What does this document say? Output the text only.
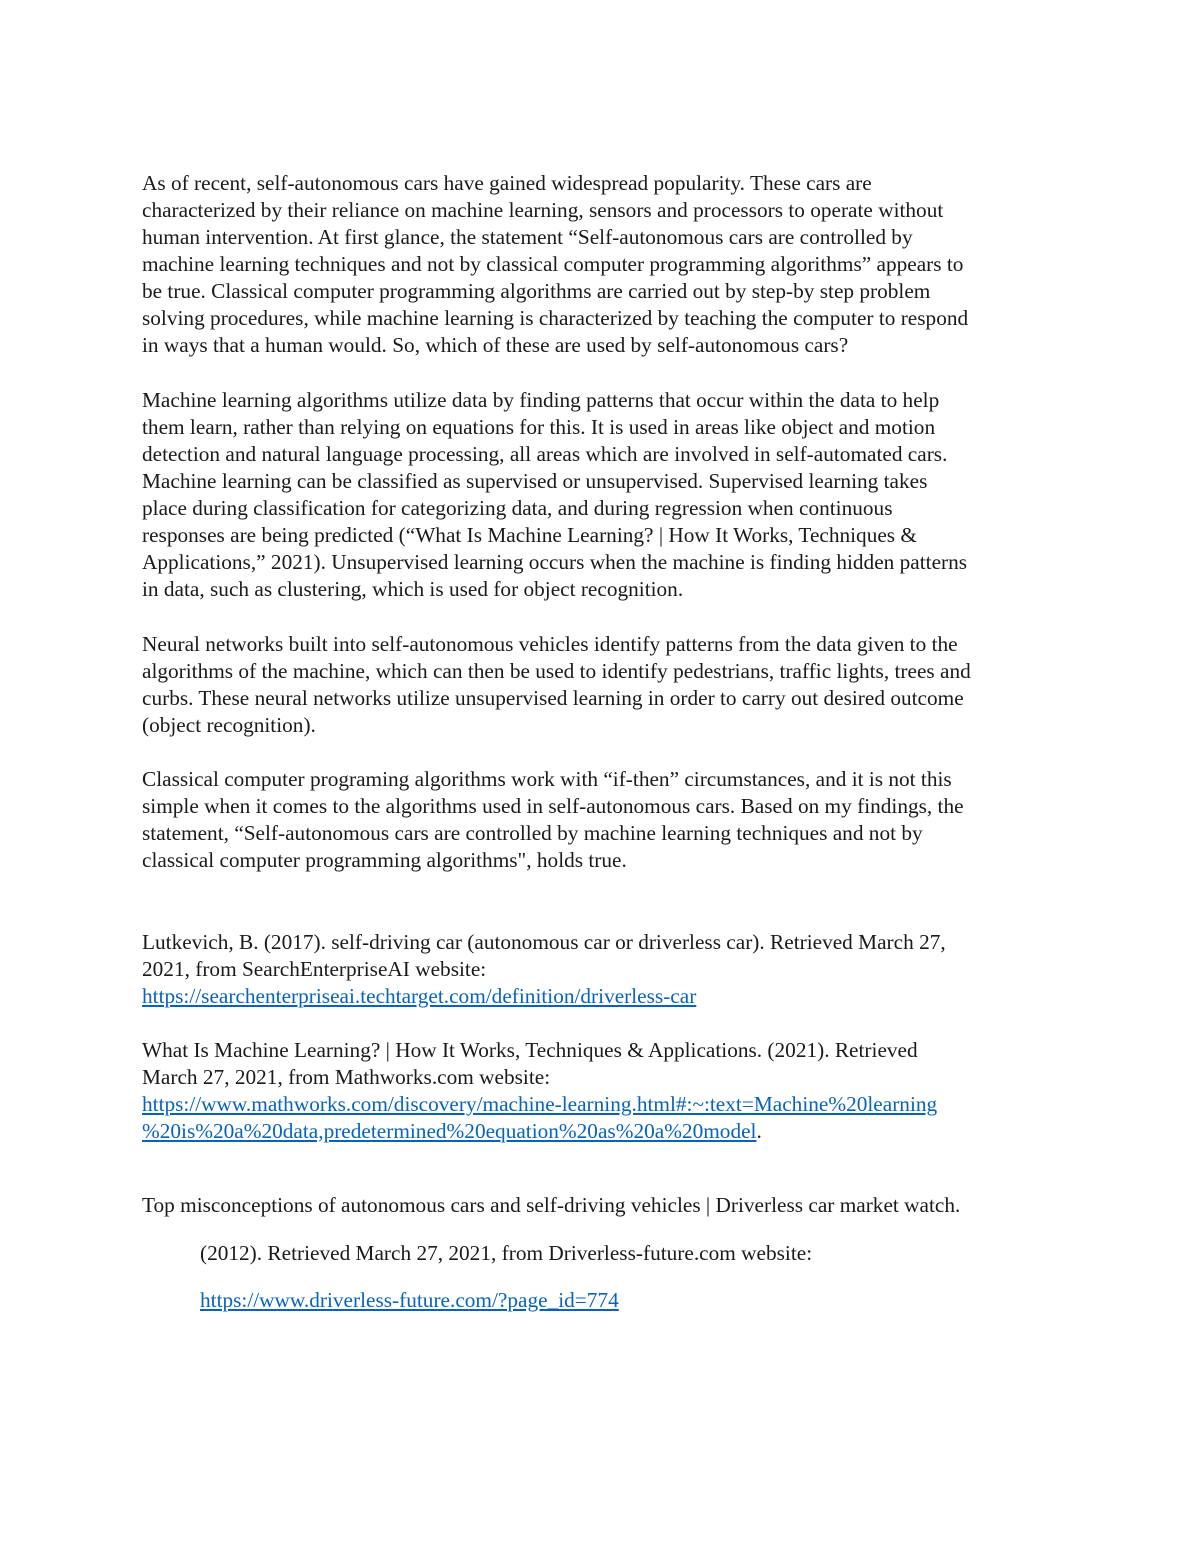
As of recent, self-autonomous cars have gained widespread popularity. These cars are
characterized by their reliance on machine learning, sensors and processors to operate without
human intervention. At first glance, the statement “Self-autonomous cars are controlled by
machine learning techniques and not by classical computer programming algorithms” appears to
be true. Classical computer programming algorithms are carried out by step-by step problem
solving procedures, while machine learning is characterized by teaching the computer to respond
in ways that a human would. So, which of these are used by self-autonomous cars?
Machine learning algorithms utilize data by finding patterns that occur within the data to help
them learn, rather than relying on equations for this. It is used in areas like object and motion
detection and natural language processing, all areas which are involved in self-automated cars.
Machine learning can be classified as supervised or unsupervised. Supervised learning takes
place during classification for categorizing data, and during regression when continuous
responses are being predicted (“What Is Machine Learning? | How It Works, Techniques &
Applications,” 2021). Unsupervised learning occurs when the machine is finding hidden patterns
in data, such as clustering, which is used for object recognition.
Neural networks built into self-autonomous vehicles identify patterns from the data given to the
algorithms of the machine, which can then be used to identify pedestrians, traffic lights, trees and
curbs. These neural networks utilize unsupervised learning in order to carry out desired outcome
(object recognition).
Classical computer programing algorithms work with “if-then” circumstances, and it is not this
simple when it comes to the algorithms used in self-autonomous cars. Based on my findings, the
statement, “Self-autonomous cars are controlled by machine learning techniques and not by
classical computer programming algorithms", holds true.
Lutkevich, B. (2017). self-driving car (autonomous car or driverless car). Retrieved March 27,
2021, from SearchEnterpriseAI website:
https://searchenterpriseai.techtarget.com/definition/driverless-car
What Is Machine Learning? | How It Works, Techniques & Applications. (2021). Retrieved
March 27, 2021, from Mathworks.com website:
https://www.mathworks.com/discovery/machine-learning.html#:~:text=Machine%20learning
%20is%20a%20data,predetermined%20equation%20as%20a%20model.
Top misconceptions of autonomous cars and self-driving vehicles | Driverless car market watch.
(2012). Retrieved March 27, 2021, from Driverless-future.com website:
https://www.driverless-future.com/?page_id=774
